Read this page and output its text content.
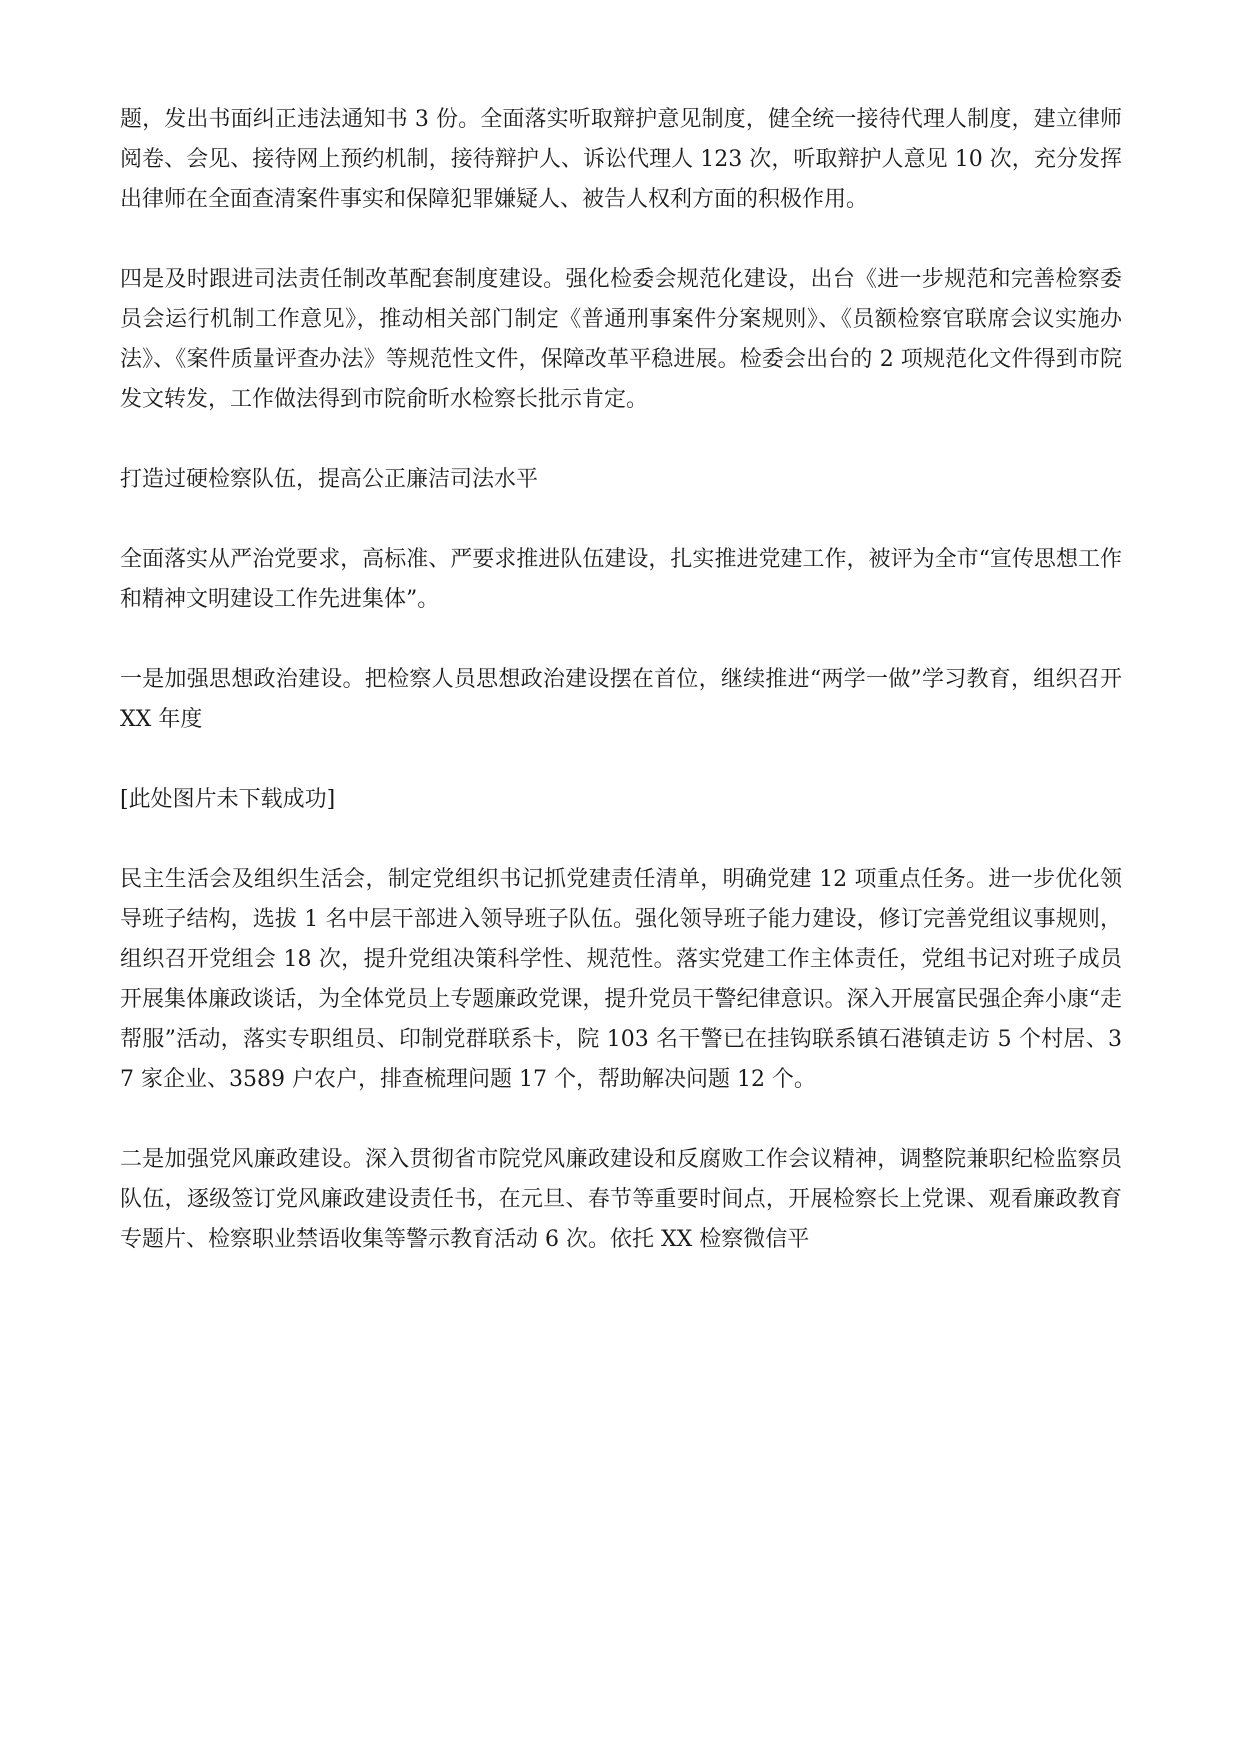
题，发出书面纠正违法通知书 3 份。全面落实听取辩护意见制度，健全统一接待代理人制度，建立律师阅卷、会见、接待网上预约机制，接待辩护人、诉讼代理人 123 次，听取辩护人意见 10 次，充分发挥出律师在全面查清案件事实和保障犯罪嫌疑人、被告人权利方面的积极作用。

四是及时跟进司法责任制改革配套制度建设。强化检委会规范化建设，出台《进一步规范和完善检察委员会运行机制工作意见》，推动相关部门制定《普通刑事案件分案规则》、《员额检察官联席会议实施办法》、《案件质量评查办法》等规范性文件，保障改革平稳进展。检委会出台的 2 项规范化文件得到市院发文转发，工作做法得到市院俞昕水检察长批示肯定。

打造过硬检察队伍，提高公正廉洁司法水平

全面落实从严治党要求，高标准、严要求推进队伍建设，扎实推进党建工作，被评为全市“宣传思想工作和精神文明建设工作先进集体”。

一是加强思想政治建设。把检察人员思想政治建设摆在首位，继续推进“两学一做”学习教育，组织召开 XX 年度

[此处图片未下载成功]

民主生活会及组织生活会，制定党组织书记抓党建责任清单，明确党建 12 项重点任务。进一步优化领导班子结构，选拔 1 名中层干部进入领导班子队伍。强化领导班子能力建设，修订完善党组议事规则，组织召开党组会 18 次，提升党组决策科学性、规范性。落实党建工作主体责任，党组书记对班子成员开展集体廉政谈话，为全体党员上专题廉政党课，提升党员干警纪律意识。深入开展富民强企奔小康“走帮服”活动，落实专职组员、印制党群联系卡，院 103 名干警已在挂钩联系镇石港镇走访 5 个村居、37 家企业、3589 户农户，排查梳理问题 17 个，帮助解决问题 12 个。

二是加强党风廉政建设。深入贯彻省市院党风廉政建设和反腐败工作会议精神，调整院兼职纪检监察员队伍，逐级签订党风廉政建设责任书，在元旦、春节等重要时间点，开展检察长上党课、观看廉政教育专题片、检察职业禁语收集等警示教育活动 6 次。依托 XX 检察微信平
